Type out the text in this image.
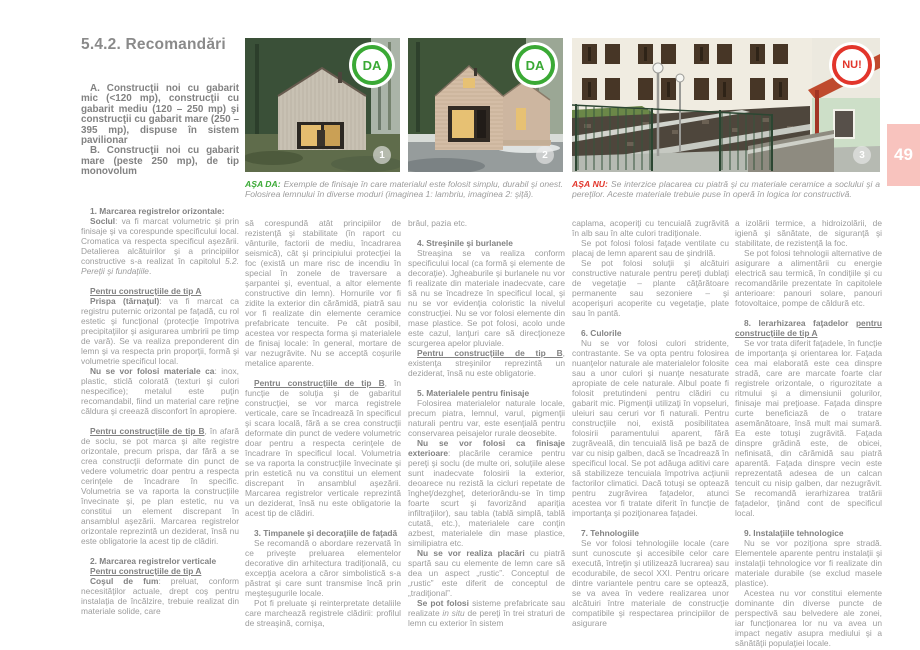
5.4.2. Recomandări

A. Construcţii noi cu gabarit mic (<120 mp), construcţii cu gabarit mediu (120 – 250 mp) şi construcţii cu gabarit mare (250 – 395 mp), dispuse în sistem pavilionar

B. Construcţii noi cu gabarit mare (peste 250 mp), de tip monovolum

DA
1
DA
2
NU!
3
AŞA DA: Exemple de finisaje în care materialul este folosit simplu, durabil şi onest. Folosirea lemnului în diverse moduri (imaginea 1: lambriu, imaginea 2: şiţă).
AŞA NU: Se interzice placarea cu piatră şi cu materiale ceramice a soclului şi a pereţilor. Aceste materiale trebuie puse în operă în logica lor constructivă.
1. Marcarea registrelor orizontale:
Soclul: va fi marcat volumetric şi prin finisaje şi va corespunde specificului local. Cromatica va respecta specificul aşezării. Detalierea alcătuirilor şi a principiilor constructive s-a realizat în capitolul 5.2. Pereţii şi fundaţiile.
Pentru construcţiile de tip A
Prispa (tărnaţul): va fi marcat ca registru puternic orizontal pe faţadă, cu rol estetic şi funcţional (protecţie împotriva precipitaţiilor şi asigurarea umbririi pe timp de vară). Se va realiza preponderent din lemn şi va respecta prin proporţii, formă şi volumetrie specificul local.
Nu se vor folosi materiale ca: inox, plastic, sticlă colorată (texturi şi culori nespecifice); metalul este puţin recomandabil, fiind un material care reţine căldura şi creează disconfort în apropiere.
Pentru construcţiile de tip B, în afară de soclu, se pot marca şi alte registre orizontale, precum prispa, dar fără a se crea construcţii deformate din punct de vedere volumetric doar pentru a respecta cerinţele de încadrare în specific. Volumetria se va raporta la construcţiile învecinate şi, pe plan estetic, nu va constitui un element discrepant în ansamblul aşezării. Marcarea registrelor orizontale reprezintă un deziderat, însă nu este obligatorie la acest tip de clădiri.
2. Marcarea registrelor verticale
Pentru construcţiile de tip A
Coşul de fum: preluat, conform necesităţilor actuale, drept coş pentru instalaţia de încălzire, trebuie realizat din materiale solide, care
să corespundă atât principiilor de rezistenţă şi stabilitate (în raport cu vânturile, factorii de mediu, încadrarea seismică), cât şi principiului protecţiei la foc (există un mare risc de incendiu în special în zonele de traversare a şarpantei şi, eventual, a altor elemente constructive din lemn). Hornurile vor fi zidite la exterior din cărămidă, piatră sau vor fi realizate din elemente ceramice prefabricate tencuite. Pe cât posibil, acestea vor respecta forma şi materialele de finisaj locale: în general, mortare de var nezugrăvite. Nu se acceptă coşurile metalice aparente.
Pentru construcţiile de tip B, în funcţie de soluţia şi de gabaritul construcţiei, se vor marca registrele verticale, care se încadrează în specificul şi scara locală, fără a se crea construcţii deformate din punct de vedere volumetric doar pentru a respecta cerinţele de încadrare în specificul local. Volumetria se va raporta la construcţiile învecinate şi prin estetică nu va constitui un element discrepant în ansamblul aşezării. Marcarea registrelor verticale reprezintă un deziderat, însă nu este obligatorie la acest tip de clădiri.
3. Timpanele şi decoraţiile de faţadă
Se recomandă o abordare rezervată în ce priveşte preluarea elementelor decorative din arhitectura tradiţională, cu excepţia acelora a căror simbolistică s-a păstrat şi care sunt transmise încă prin meşteşugurile locale.
Pot fi preluate şi reinterpretate detaliile care marchează registrele clădirii: profilul de streaşină, cornişa,
brâul, pazia etc.
4. Streşinile şi burlanele
Streaşina se va realiza conform specificului local (ca formă şi elemente de decoraţie). Jgheaburile şi burlanele nu vor fi realizate din materiale inadecvate, care să nu se încadreze în specificul local, şi nu se vor evidenţia coloristic la nivelul construcţiei. Nu se vor folosi elemente din mase plastice. Se pot folosi, acolo unde este cazul, lanţuri care să direcţioneze scurgerea apelor pluviale.
Pentru construcţiile de tip B, existenţa streşinilor reprezintă un deziderat, însă nu este obligatorie.
5. Materialele pentru finisaje
Folosirea materialelor naturale locale, precum piatra, lemnul, varul, pigmenţii naturali pentru var, este esenţială pentru conservarea peisajelor rurale deosebite.
Nu se vor folosi ca finisaje exterioare: placările ceramice pentru pereţi şi soclu (de multe ori, soluţiile alese sunt inadecvate folosirii la exterior, deoarece nu rezistă la cicluri repetate de îngheţ/dezgheţ, deteriorându-se în timp foarte scurt şi favorizând apariţia infiltraţiilor), sau tabla (tablă simplă, tablă cutată, etc.), materialele care conţin azbest, materialele din mase plastice, similipiatra etc.
Nu se vor realiza placări cu piatră spartă sau cu elemente de lemn care să dea un aspect „rustic”. Conceptul de „rustic” este diferit de conceptul de „tradiţional”.
Se pot folosi sisteme prefabricate sau realizate in situ de pereţi în trei straturi de lemn cu exterior în sistem
caplama, acoperiţi cu tencuială zugrăvită în alb sau în alte culori tradiţionale.
Se pot folosi folosi faţade ventilate cu placaj de lemn aparent sau de şindrilă.
Se pot folosi soluţii şi alcătuiri constructive naturale pentru pereţi dublaţi de vegetaţie – plante căţărătoare permanente sau sezoniere – şi acoperişuri acoperite cu vegetaţie, plate sau în pantă.
6. Culorile
Nu se vor folosi culori stridente, contrastante. Se va opta pentru folosirea nuanţelor naturale ale materialelor folosite sau a unor culori şi nuanţe nesaturate apropiate de cele naturale. Albul poate fi folosit pretutindeni pentru clădiri cu gabarit mic. Pigmenţii utilizaţi în vopseluri, uleiuri sau ceruri vor fi naturali. Pentru construcţiile noi, există posibilitatea folosirii paramentului aparent, fără zugrăveală, din tencuială lisă pe bază de var cu nisip galben, dacă se încadrează în specificul local. Se pot adăuga aditivi care să stabilizeze tencuiala împotriva acţiunii factorilor climatici. Dacă totuşi se optează pentru zugrăvirea faţadelor, atunci acestea vor fi tratate diferit în funcţie de importanţa şi poziţionarea faţadei.
7. Tehnologiile
Se vor folosi tehnologiile locale (care sunt cunoscute şi accesibile celor care execută, întreţin şi utilizează lucrarea) sau ecodurabile, de secol XXI. Pentru oricare dintre variantele pentru care se optează, se va avea în vedere realizarea unor alcătuiri între materiale de construcţie compatibile şi respectarea principiilor de asigurare
a izolării termice, a hidroizolării, de igienă şi sănătate, de siguranţă şi stabilitate, de rezistenţă la foc.
Se pot folosi tehnologii alternative de asigurare a alimentării cu energie electrică sau termică, în condiţiile şi cu recomandările prezentate în capitolele anterioare: panouri solare, panouri fotovoltaice, pompe de căldură etc.
8. Ierarhizarea faţadelor pentru construcţiile de tip A
Se vor trata diferit faţadele, în funcţie de importanţa şi orientarea lor. Faţada cea mai elaborată este cea dinspre stradă, care are marcate foarte clar registrele orizontale, o rigurozitate a ritmului şi a dimensiunii golurilor, finisaje mai preţioase. Faţada dinspre curte beneficiază de o tratare asemănătoare, însă mult mai sumară. Ea este totuşi zugrăvită. Faţada dinspre grădină este, de obicei, nefinisată, din cărămidă sau piatră aparentă. Faţada dinspre vecin este reprezentată adesea de un calcan tencuit cu nisip galben, dar nezugrăvit. Se recomandă ierarhizarea tratării faţadelor, ţinând cont de specificul local.
9. Instalaţiile tehnologice
Nu se vor poziţiona spre stradă. Elementele aparente pentru instalaţii şi instalaţii tehnologice vor fi realizate din materiale durabile (se exclud masele plastice).
Acestea nu vor constitui elemente dominante din diverse puncte de perspectivă sau belvedere ale zonei, iar funcţionarea lor nu va avea un impact negativ asupra mediului şi a sănătăţii populaţiei locale.
49
